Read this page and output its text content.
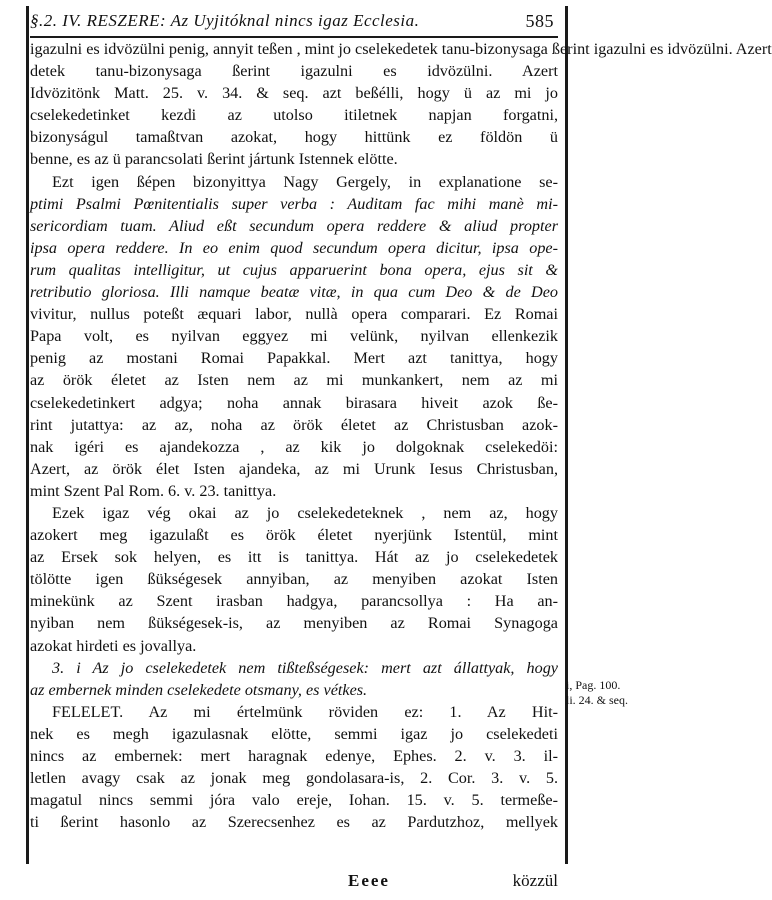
§.2. IV. RESZERE: Az Uyjitóknal nincs igaz Ecclesia.	585
igazulni es idvözülni penig, annyit teßen , mint jo cselekedetek tanu-bizonysaga ßerint igazulni es idvözülni. Azert
detek tanu-bizonysaga ßerint igazulni es idvözülni. Azert
Idvözitönk Matt. 25. v. 34. & seq. azt beßélli, hogy ü az mi jo
cselekedetinket kezdi az utolso itiletnek napjan forgatni,
bizonyságul tamaßtvan azokat, hogy hittünk ez földön ü
benne, es az ü parancsolati ßerint jártunk Istennek elötte.
Ezt igen ßépen bizonyittya Nagy Gergely, in explanatione se-
ptimi Psalmi Pœnitentialis super verba : Auditam fac mihi manè mi-
sericordiam tuam. Aliud eßt secundum opera reddere & aliud propter
ipsa opera reddere. In eo enim quod secundum opera dicitur, ipsa ope-
rum qualitas intelligitur, ut cujus apparuerint bona opera, ejus sit &
retributio gloriosa. Illi namque beatæ vitæ, in qua cum Deo & de Deo
vivitur, nullus poteßt æquari labor, nullà opera comparari. Ez Romai
Papa volt, es nyilvan eggyez mi velünk, nyilvan ellenkezik
penig az mostani Romai Papakkal. Mert azt tanittya, hogy
az örök életet az Isten nem az mi munkankert, nem az mi
cselekedetinkert adgya; noha annak birasara hiveit azok ße-
rint jutattya: az az, noha az örök életet az Christusban azok-
nak igéri es ajandekozza , az kik jo dolgoknak cselekedöi:
Azert, az örök élet Isten ajandeka, az mi Urunk Iesus Christusban,
mint Szent Pal Rom. 6. v. 23. tanittya.
Ezek igaz vég okai az jo cselekedeteknek , nem az, hogy
azokert meg igazulaßt es örök életet nyerjünk Istentül, mint
az Ersek sok helyen, es itt is tanittya. Hát az jo cselekedetek
tölötte igen ßükségesek annyiban, az menyiben azokat Isten
minekünk az Szent irasban hadgya, parancsollya : Ha an-
nyiban nem ßükségesek-is, az menyiben az Romai Synagoga
azokat hirdeti es jovallya.
3. i Az jo cselekedetek nem tißteßségesek: mert azt állattyak, hogy
az embernek minden cselekedete otsmany, es vétkes.
FELELET. Az mi értelmünk röviden ez: 1. Az Hit-
nek es megh igazulasnak elötte, semmi igaz jo cselekedeti
nincs az embernek: mert haragnak edenye, Ephes. 2. v. 3. il-
letlen avagy csak az jonak meg gondolasara-is, 2. Cor. 3. v. 5.
magatul nincs semmi jóra valo ereje, Iohan. 15. v. 5. termeße-
ti ßerint hasonlo az Szerecsenhez es az Pardutzhoz, mellyek
i, Pag. 100.
li. 24. & seq.
Eeee	közzül
